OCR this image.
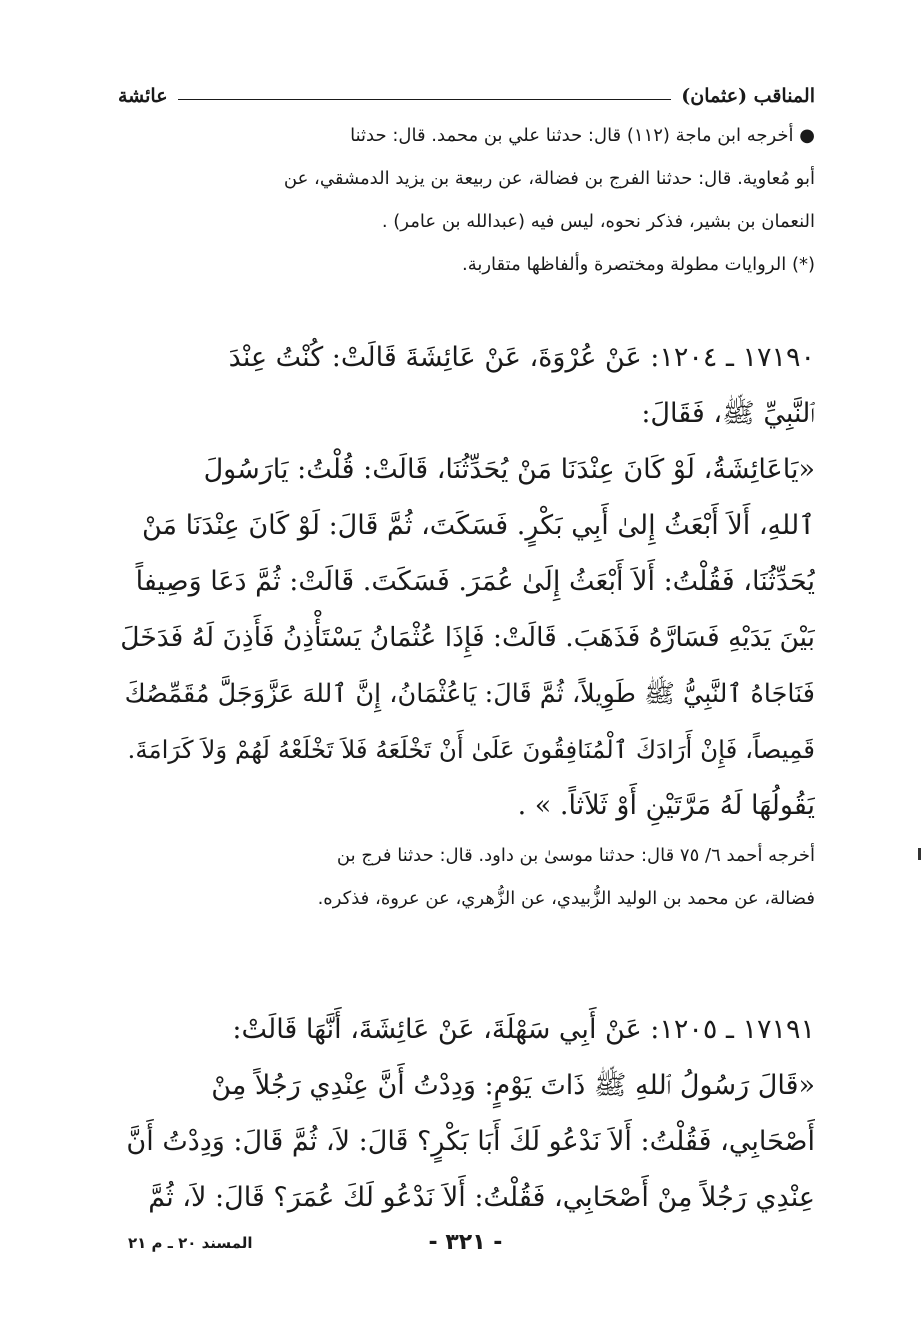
المناقب (عثمان)
عائشة
● أخرجه ابن ماجة (١١٢) قال: حدثنا علي بن محمد. قال: حدثنا
أبو مُعاوية. قال: حدثنا الفرج بن فضالة، عن ربيعة بن يزيد الدمشقي، عن
النعمان بن بشير، فذكر نحوه، ليس فيه (عبدالله بن عامر) .
(*) الروايات مطولة ومختصرة وألفاظها متقاربة.
١٧١٩٠ ـ ١٢٠٤: عَنْ عُرْوَةَ، عَنْ عَائِشَةَ قَالَتْ: كُنْتُ عِنْدَ
ٱلنَّبِيِّ ﷺ، فَقَالَ:
«يَاعَائِشَةُ، لَوْ كَانَ عِنْدَنَا مَنْ يُحَدِّثُنَا، قَالَتْ: قُلْتُ: يَارَسُولَ
ٱللهِ، أَلاَ أَبْعَثُ إِلىٰ أَبِي بَكْرٍ. فَسَكَتَ، ثُمَّ قَالَ: لَوْ كَانَ عِنْدَنَا مَنْ
يُحَدِّثُنَا، فَقُلْتُ: أَلاَ أَبْعَثُ إِلَىٰ عُمَرَ. فَسَكَتَ. قَالَتْ: ثُمَّ دَعَا وَصِيفاً
بَيْنَ يَدَيْهِ فَسَارَّهُ فَذَهَبَ. قَالَتْ: فَإِذَا عُثْمَانُ يَسْتَأْذِنُ فَأَذِنَ لَهُ فَدَخَلَ
فَنَاجَاهُ ٱلنَّبِيُّ ﷺ طَوِيلاً، ثُمَّ قَالَ: يَاعُثْمَانُ، إِنَّ ٱللهَ عَزَّوَجَلَّ مُقَمِّصُكَ
قَمِيصاً، فَإِنْ أَرَادَكَ ٱلْمُنَافِقُونَ عَلَىٰ أَنْ تَخْلَعَهُ فَلاَ تَخْلَعْهُ لَهُمْ وَلاَ كَرَامَةَ.
يَقُولُهَا لَهُ مَرَّتَيْنِ أَوْ ثَلاَثاً. » .
أخرجه أحمد ٦/ ٧٥ قال: حدثنا موسىٰ بن داود. قال: حدثنا فرج بن
فضالة، عن محمد بن الوليد الزُّبيدي، عن الزُّهري، عن عروة، فذكره.
١٧١٩١ ـ ١٢٠٥: عَنْ أَبِي سَهْلَةَ، عَنْ عَائِشَةَ، أَنَّهَا قَالَتْ:
«قَالَ رَسُولُ ٱللهِ ﷺ ذَاتَ يَوْمٍ: وَدِدْتُ أَنَّ عِنْدِي رَجُلاً مِنْ
أَصْحَابِي، فَقُلْتُ: أَلاَ نَدْعُو لَكَ أَبَا بَكْرٍ؟ قَالَ: لاَ، ثُمَّ قَالَ: وَدِدْتُ أَنَّ
عِنْدِي رَجُلاً مِنْ أَصْحَابِي، فَقُلْتُ: أَلاَ نَدْعُو لَكَ عُمَرَ؟ قَالَ: لاَ، ثُمَّ
- ٣٢١ -
المسند ٢٠ ـ م ٢١
